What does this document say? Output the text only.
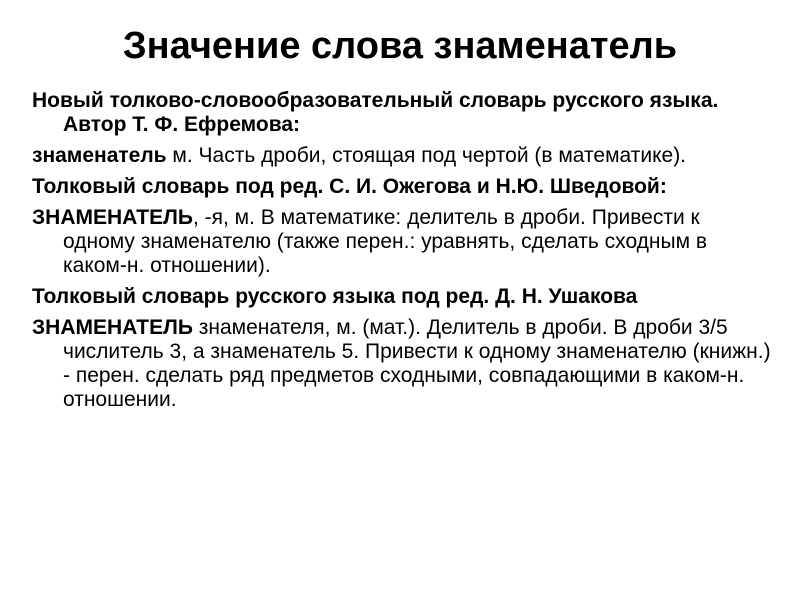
Значение слова знаменатель

Новый толково-словообразовательный словарь русского языка. Автор Т. Ф. Ефремова:

знаменатель м. Часть дроби, стоящая под чертой (в математике).

Толковый словарь под ред. С. И. Ожегова и Н.Ю. Шведовой:

ЗНАМЕНАТЕЛЬ, -я, м. В математике: делитель в дроби. Привести к одному знаменателю (также перен.: уравнять, сделать сходным в каком-н. отношении).

Толковый словарь русского языка под ред. Д. Н. Ушакова

ЗНАМЕНАТЕЛЬ знаменателя, м. (мат.). Делитель в дроби. В дроби 3/5 числитель 3, а знаменатель 5. Привести к одному знаменателю (книжн.) - перен. сделать ряд предметов сходными, совпадающими в каком-н. отношении.
